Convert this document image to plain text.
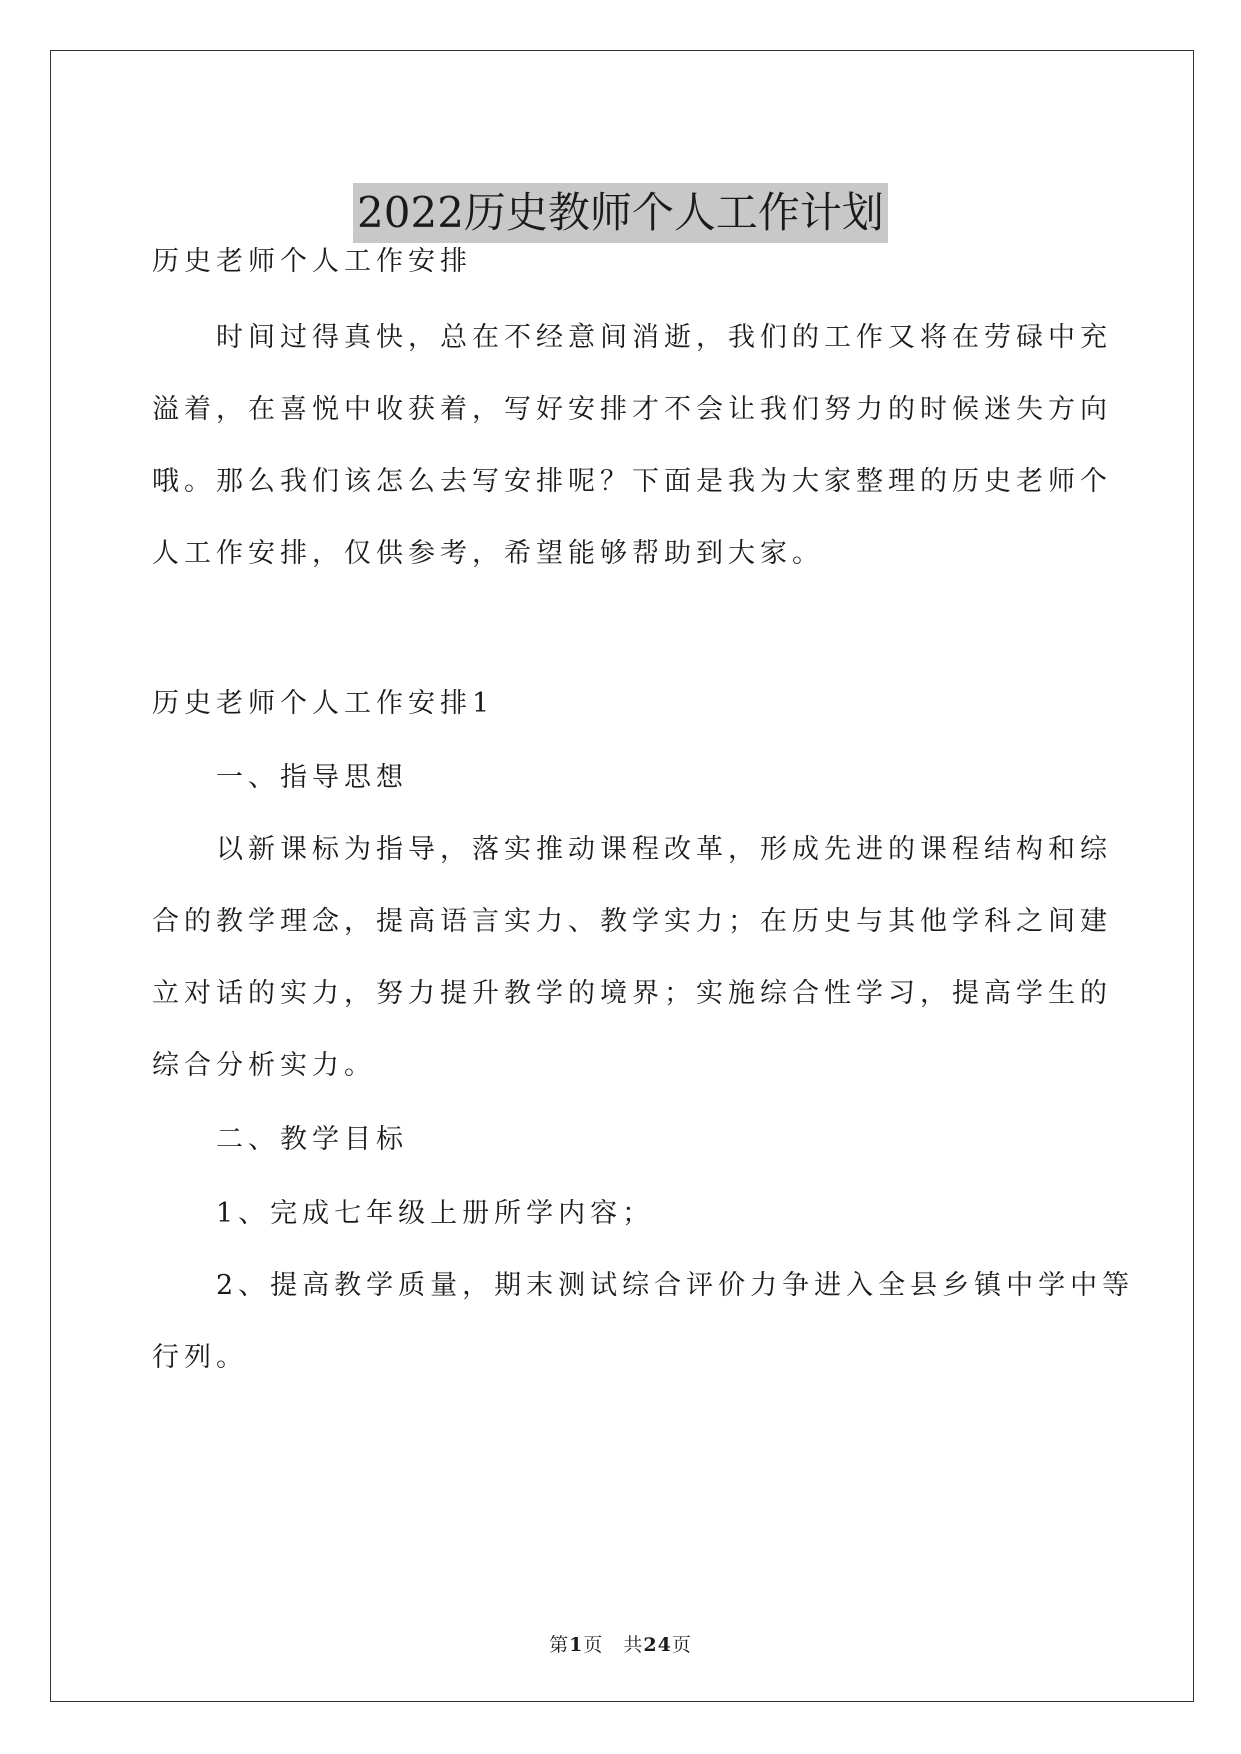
2022历史教师个人工作计划
历史老师个人工作安排
时间过得真快，总在不经意间消逝，我们的工作又将在劳碌中充
溢着，在喜悦中收获着，写好安排才不会让我们努力的时候迷失方向
哦。那么我们该怎么去写安排呢？下面是我为大家整理的历史老师个
人工作安排，仅供参考，希望能够帮助到大家。
历史老师个人工作安排1
一、指导思想
以新课标为指导，落实推动课程改革，形成先进的课程结构和综
合的教学理念，提高语言实力、教学实力；在历史与其他学科之间建
立对话的实力，努力提升教学的境界；实施综合性学习，提高学生的
综合分析实力。
二、教学目标
1、完成七年级上册所学内容；
2、提高教学质量，期末测试综合评价力争进入全县乡镇中学中等
行列。
第1页　共24页
